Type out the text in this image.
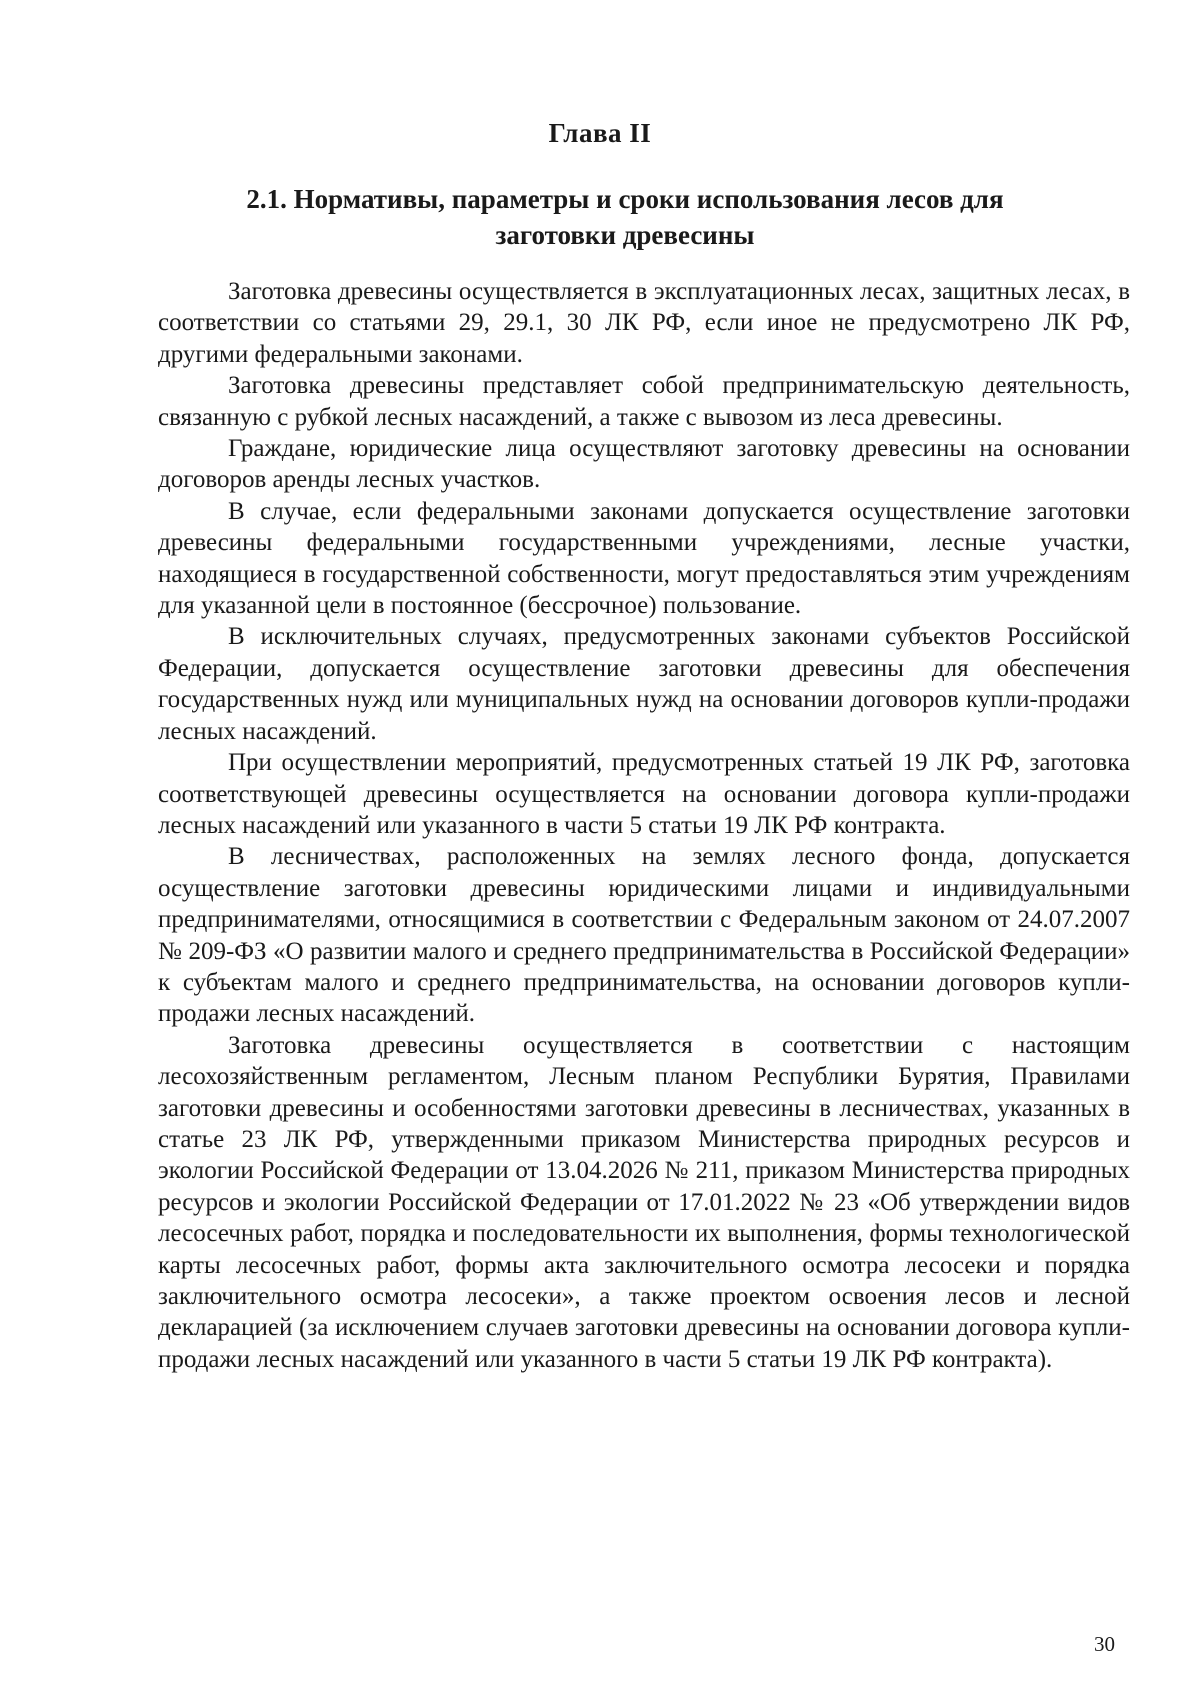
Глава II
2.1. Нормативы, параметры и сроки использования лесов для заготовки древесины

Заготовка древесины осуществляется в эксплуатационных лесах, защитных лесах, в соответствии со статьями 29, 29.1, 30 ЛК РФ, если иное не предусмотрено ЛК РФ, другими федеральными законами.

Заготовка древесины представляет собой предпринимательскую деятельность, связанную с рубкой лесных насаждений, а также с вывозом из леса древесины.

Граждане, юридические лица осуществляют заготовку древесины на основании договоров аренды лесных участков.

В случае, если федеральными законами допускается осуществление заготовки древесины федеральными государственными учреждениями, лесные участки, находящиеся в государственной собственности, могут предоставляться этим учреждениям для указанной цели в постоянное (бессрочное) пользование.

В исключительных случаях, предусмотренных законами субъектов Российской Федерации, допускается осуществление заготовки древесины для обеспечения государственных нужд или муниципальных нужд на основании договоров купли-продажи лесных насаждений.

При осуществлении мероприятий, предусмотренных статьей 19 ЛК РФ, заготовка соответствующей древесины осуществляется на основании договора купли-продажи лесных насаждений или указанного в части 5 статьи 19 ЛК РФ контракта.

В лесничествах, расположенных на землях лесного фонда, допускается осуществление заготовки древесины юридическими лицами и индивидуальными предпринимателями, относящимися в соответствии с Федеральным законом от 24.07.2007 № 209-ФЗ «О развитии малого и среднего предпринимательства в Российской Федерации» к субъектам малого и среднего предпринимательства, на основании договоров купли-продажи лесных насаждений.

Заготовка древесины осуществляется в соответствии с настоящим лесохозяйственным регламентом, Лесным планом Республики Бурятия, Правилами заготовки древесины и особенностями заготовки древесины в лесничествах, указанных в статье 23 ЛК РФ, утвержденными приказом Министерства природных ресурсов и экологии Российской Федерации от 13.04.2026 № 211, приказом Министерства природных ресурсов и экологии Российской Федерации от 17.01.2022 № 23 «Об утверждении видов лесосечных работ, порядка и последовательности их выполнения, формы технологической карты лесосечных работ, формы акта заключительного осмотра лесосеки и порядка заключительного осмотра лесосеки», а также проектом освоения лесов и лесной декларацией (за исключением случаев заготовки древесины на основании договора купли-продажи лесных насаждений или указанного в части 5 статьи 19 ЛК РФ контракта).

30
